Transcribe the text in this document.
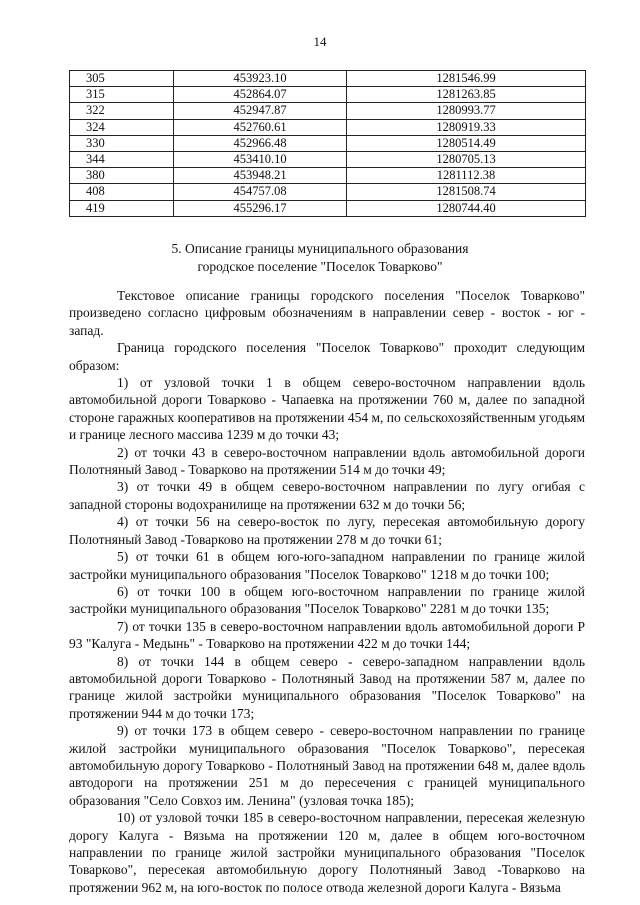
14
305	453923.10	1281546.99
315	452864.07	1281263.85
322	452947.87	1280993.77
324	452760.61	1280919.33
330	452966.48	1280514.49
344	453410.10	1280705.13
380	453948.21	1281112.38
408	454757.08	1281508.74
419	455296.17	1280744.40
5. Описание границы муниципального образования
городское поселение "Поселок Товарково"

Текстовое описание границы городского поселения "Поселок Товарково" произведено согласно цифровым обозначениям в направлении север - восток - юг - запад.

Граница городского поселения "Поселок Товарково" проходит следующим образом:

1) от узловой точки 1 в общем северо-восточном направлении вдоль автомобильной дороги Товарково - Чапаевка на протяжении 760 м, далее по западной стороне гаражных кооперативов на протяжении 454 м, по сельскохозяйственным угодьям и границе лесного массива 1239 м до точки 43;

2) от точки 43 в северо-восточном направлении вдоль автомобильной дороги Полотняный Завод - Товарково на протяжении 514 м до точки 49;

3) от точки 49 в общем северо-восточном направлении по лугу огибая с западной стороны водохранилище на протяжении 632 м до точки 56;

4) от точки 56 на северо-восток по лугу, пересекая автомобильную дорогу Полотняный Завод -Товарково на протяжении 278 м до точки 61;

5) от точки 61 в общем юго-юго-западном направлении по границе жилой застройки муниципального образования "Поселок Товарково" 1218 м до точки 100;

6) от точки 100 в общем юго-восточном направлении по границе жилой застройки муниципального образования "Поселок Товарково" 2281 м до точки 135;

7) от точки 135 в северо-восточном направлении вдоль автомобильной дороги Р 93 "Калуга - Медынь" - Товарково на протяжении 422 м до точки 144;

8) от точки 144 в общем северо - северо-западном направлении вдоль автомобильной дороги Товарково - Полотняный Завод на протяжении 587 м, далее по границе жилой застройки муниципального образования "Поселок Товарково" на протяжении 944 м до точки 173;

9) от точки 173 в общем северо - северо-восточном направлении по границе жилой застройки муниципального образования "Поселок Товарково", пересекая автомобильную дорогу Товарково - Полотняный Завод на протяжении 648 м, далее вдоль автодороги на протяжении 251 м до пересечения с границей муниципального образования "Село Совхоз им. Ленина" (узловая точка 185);

10) от узловой точки 185 в северо-восточном направлении, пересекая железную дорогу Калуга - Вязьма на протяжении 120 м, далее в общем юго-восточном направлении по границе жилой застройки муниципального образования "Поселок Товарково", пересекая автомобильную дорогу Полотняный Завод -Товарково на протяжении 962 м, на юго-восток по полосе отвода железной дороги Калуга - Вязьма
